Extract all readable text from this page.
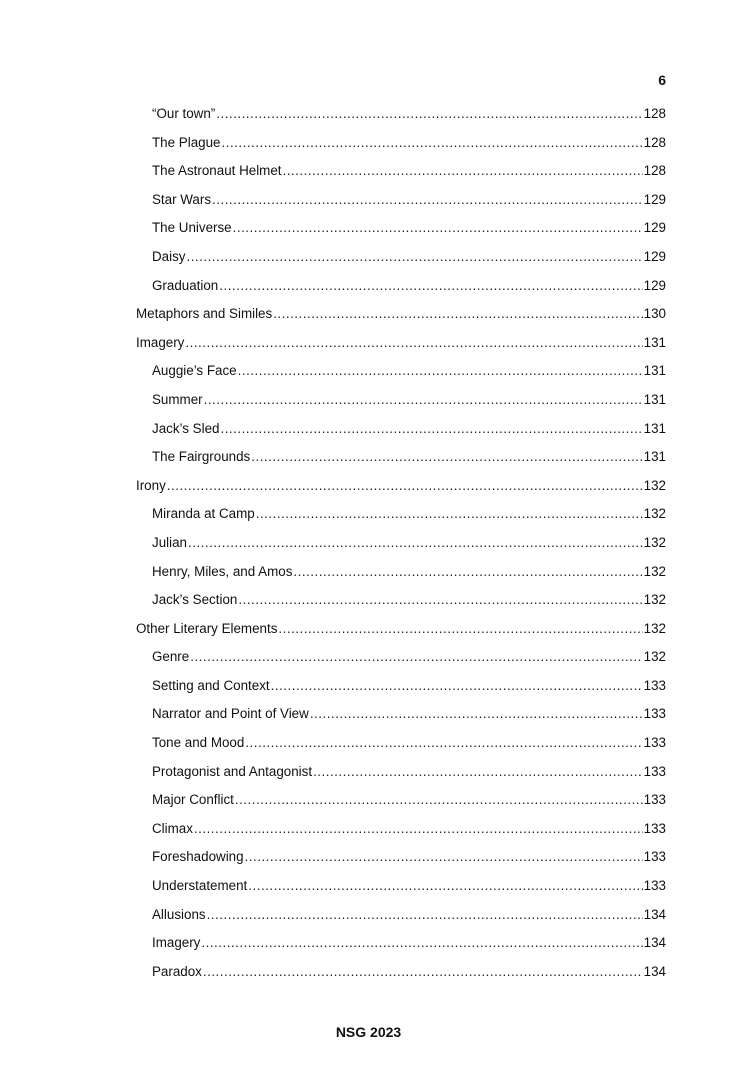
6
“Our town” .....	128
The Plague .....	128
The Astronaut Helmet .....	128
Star Wars .....	129
The Universe .....	129
Daisy .....	129
Graduation .....	129
Metaphors and Similes .....	130
Imagery .....	131
Auggie’s Face .....	131
Summer .....	131
Jack’s Sled .....	131
The Fairgrounds .....	131
Irony .....	132
Miranda at Camp .....	132
Julian .....	132
Henry, Miles, and Amos .....	132
Jack’s Section .....	132
Other Literary Elements .....	132
Genre .....	132
Setting and Context .....	133
Narrator and Point of View .....	133
Tone and Mood .....	133
Protagonist and Antagonist .....	133
Major Conflict .....	133
Climax .....	133
Foreshadowing .....	133
Understatement .....	133
Allusions .....	134
Imagery .....	134
Paradox .....	134
NSG 2023
